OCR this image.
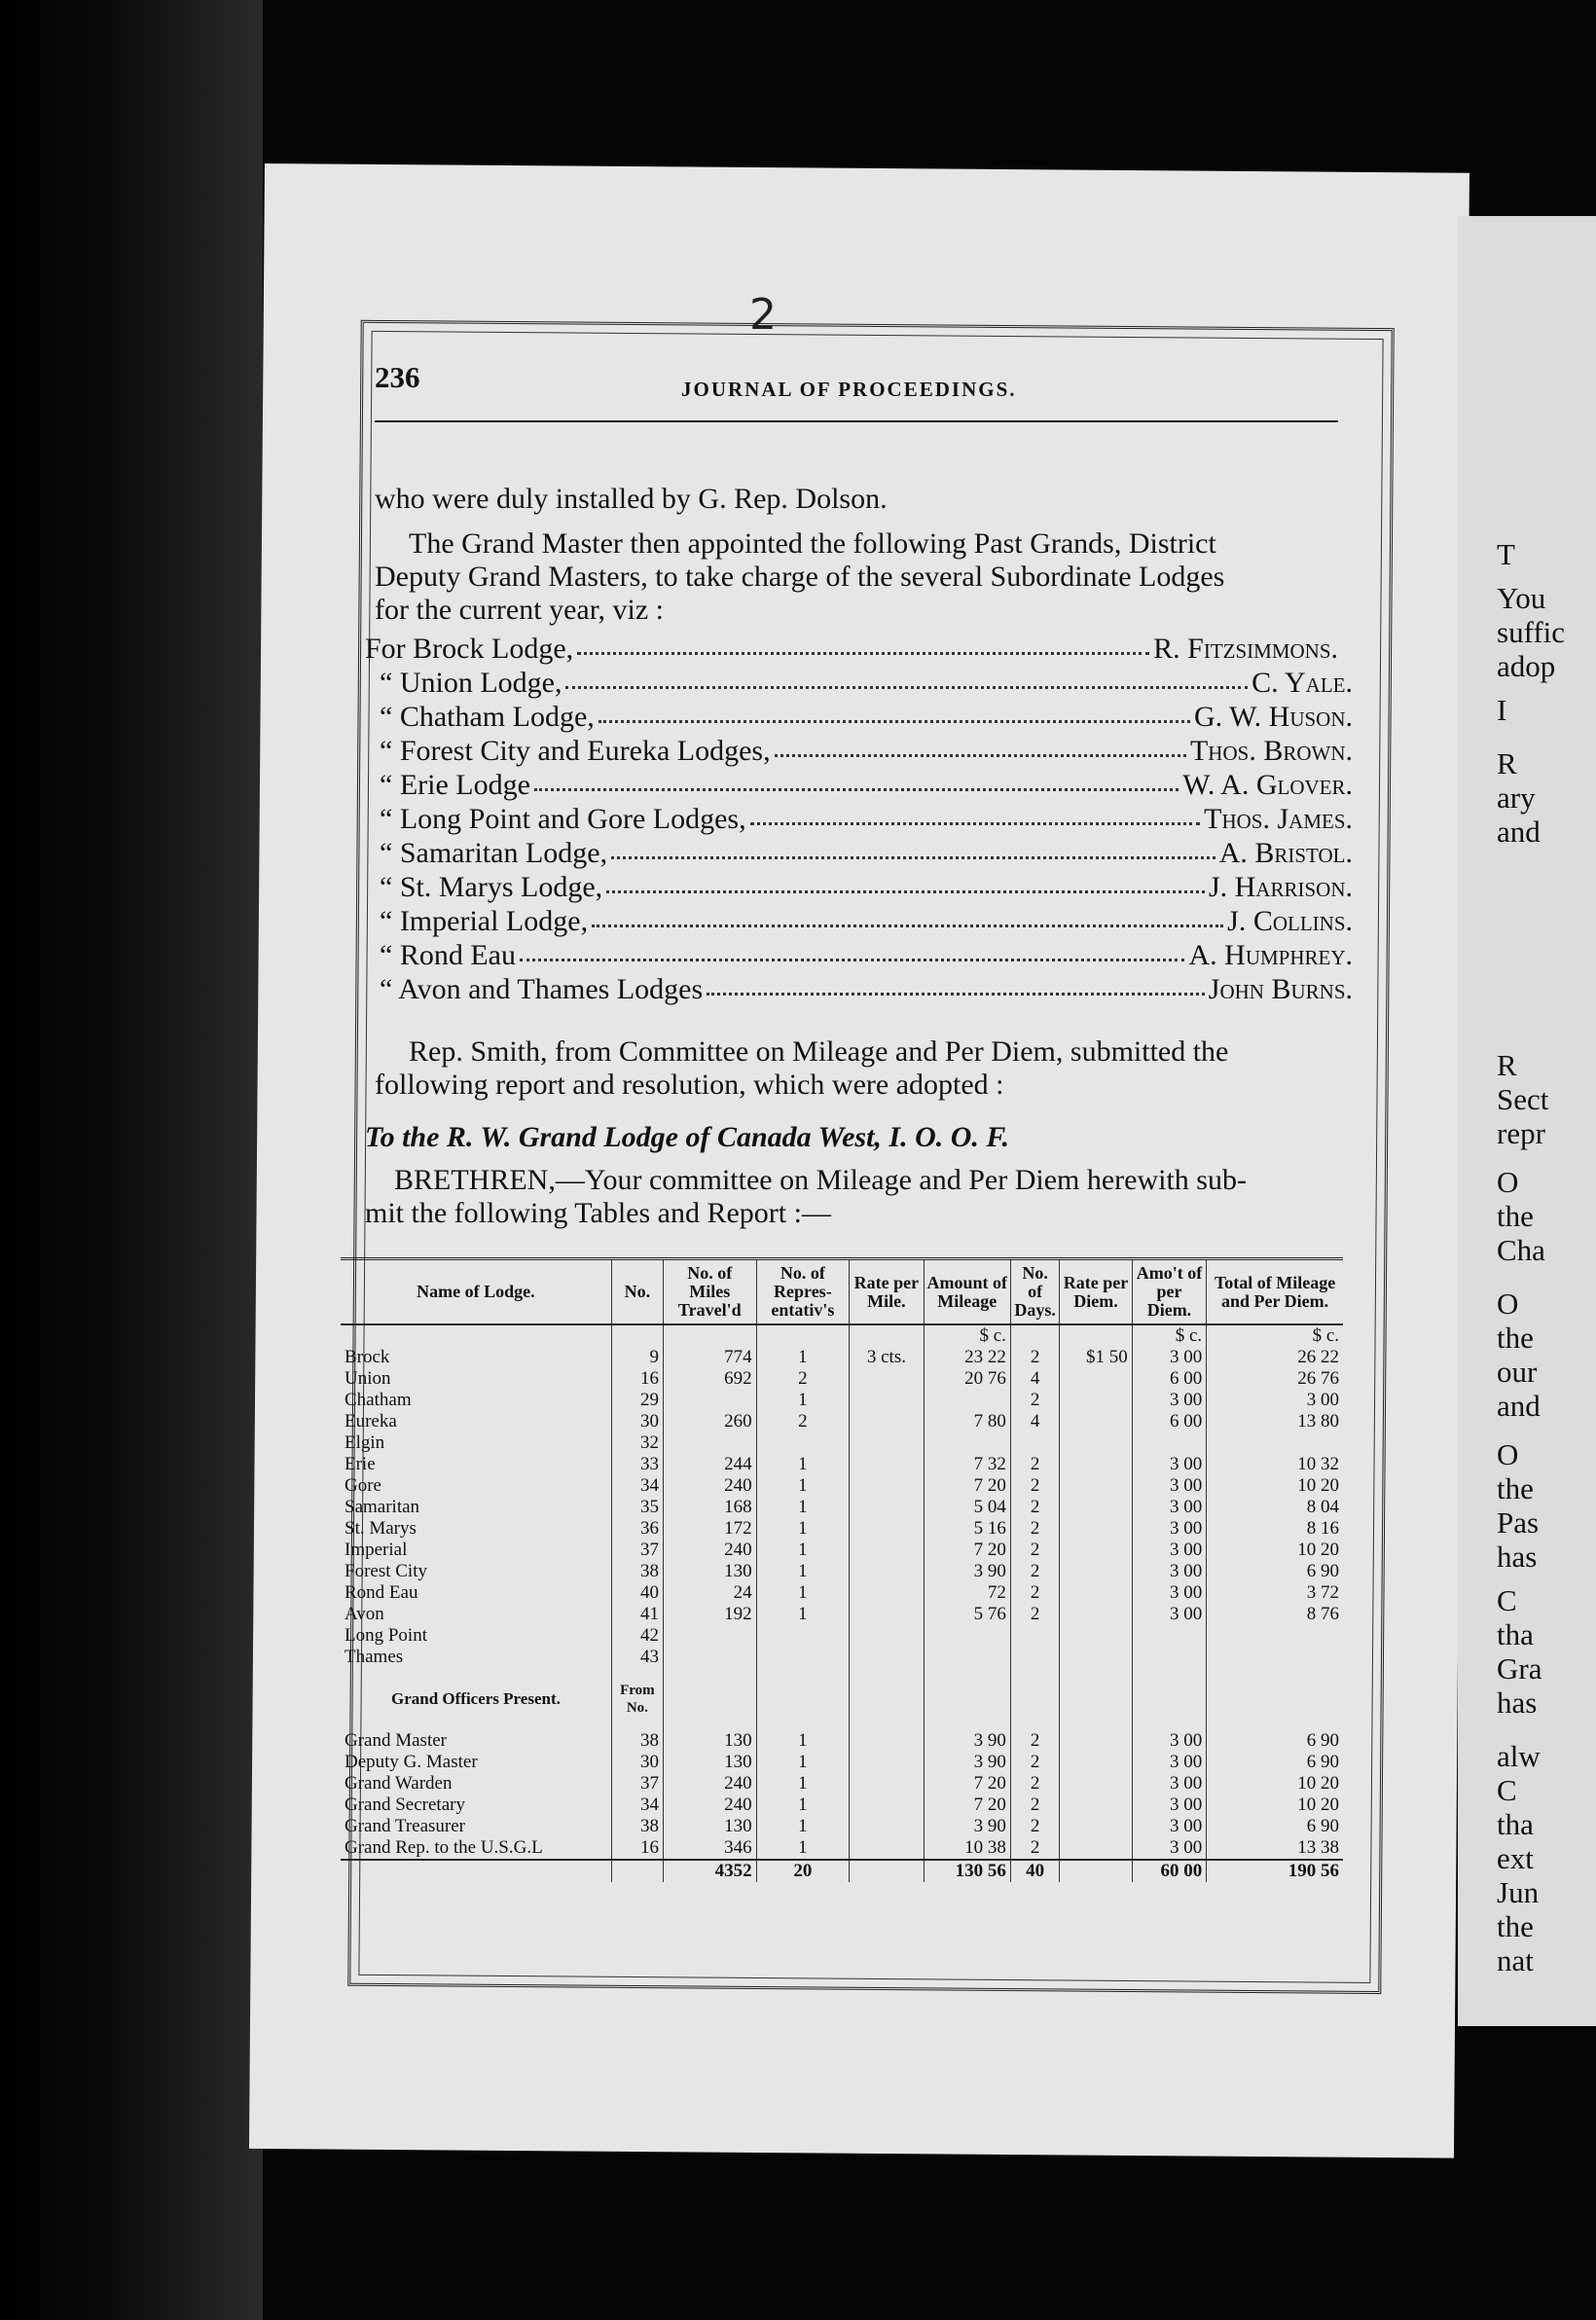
T
You
suffic
adop
I
R
ary
and
R
Sect
repr
O
the
Cha
O
the
our
and
O
the
Pas
has
C
tha
Gra
has
alw
C
tha
ext
Jun
the
nat
2
236	JOURNAL OF PROCEEDINGS.
who were duly installed by G. Rep. Dolson.
The Grand Master then appointed the following Past Grands, District
Deputy Grand Masters, to take charge of the several Subordinate Lodges
for the current year, viz :
For Brock Lodge,	R. Fitzsimmons.
“ Union Lodge,	C. Yale.
“ Chatham Lodge,	G. W. Huson.
“ Forest City and Eureka Lodges,	Thos. Brown.
“ Erie Lodge	W. A. Glover.
“ Long Point and Gore Lodges,	Thos. James.
“ Samaritan Lodge,	A. Bristol.
“ St. Marys Lodge,	J. Harrison.
“ Imperial Lodge,	J. Collins.
“ Rond Eau	A. Humphrey.
“ Avon and Thames Lodges	John Burns.
Rep. Smith, from Committee on Mileage and Per Diem, submitted the
following report and resolution, which were adopted :
To the R. W. Grand Lodge of Canada West, I. O. O. F.
BRETHREN,—Your committee on Mileage and Per Diem herewith sub-
mit the following Tables and Report :—
Name of Lodge.	No.	No. of Miles Travel'd	No. of Repres-entativ's	Rate per Mile.	Amount of Mileage	No. of Days.	Rate per Diem.	Amo't of per Diem.	Total of Mileage and Per Diem.
					$ c.			$ c.	$ c.
Brock	9	774	1	3 cts.	23 22	2	$1 50	3 00	26 22
Union	16	692	2		20 76	4		6 00	26 76
Chatham	29		1			2		3 00	3 00
Eureka	30	260	2		7 80	4		6 00	13 80
Elgin	32								
Erie	33	244	1		7 32	2		3 00	10 32
Gore	34	240	1		7 20	2		3 00	10 20
Samaritan	35	168	1		5 04	2		3 00	8 04
St. Marys	36	172	1		5 16	2		3 00	8 16
Imperial	37	240	1		7 20	2		3 00	10 20
Forest City	38	130	1		3 90	2		3 00	6 90
Rond Eau	40	24	1		72	2		3 00	3 72
Avon	41	192	1		5 76	2		3 00	8 76
Long Point	42								
Thames	43								

Grand Officers Present.	From No.								

Grand Master	38	130	1		3 90	2		3 00	6 90
Deputy G. Master	30	130	1		3 90	2		3 00	6 90
Grand Warden	37	240	1		7 20	2		3 00	10 20
Grand Secretary	34	240	1		7 20	2		3 00	10 20
Grand Treasurer	38	130	1		3 90	2		3 00	6 90
Grand Rep. to the U.S.G.L	16	346	1		10 38	2		3 00	13 38
		4352	20		130 56	40		60 00	190 56
